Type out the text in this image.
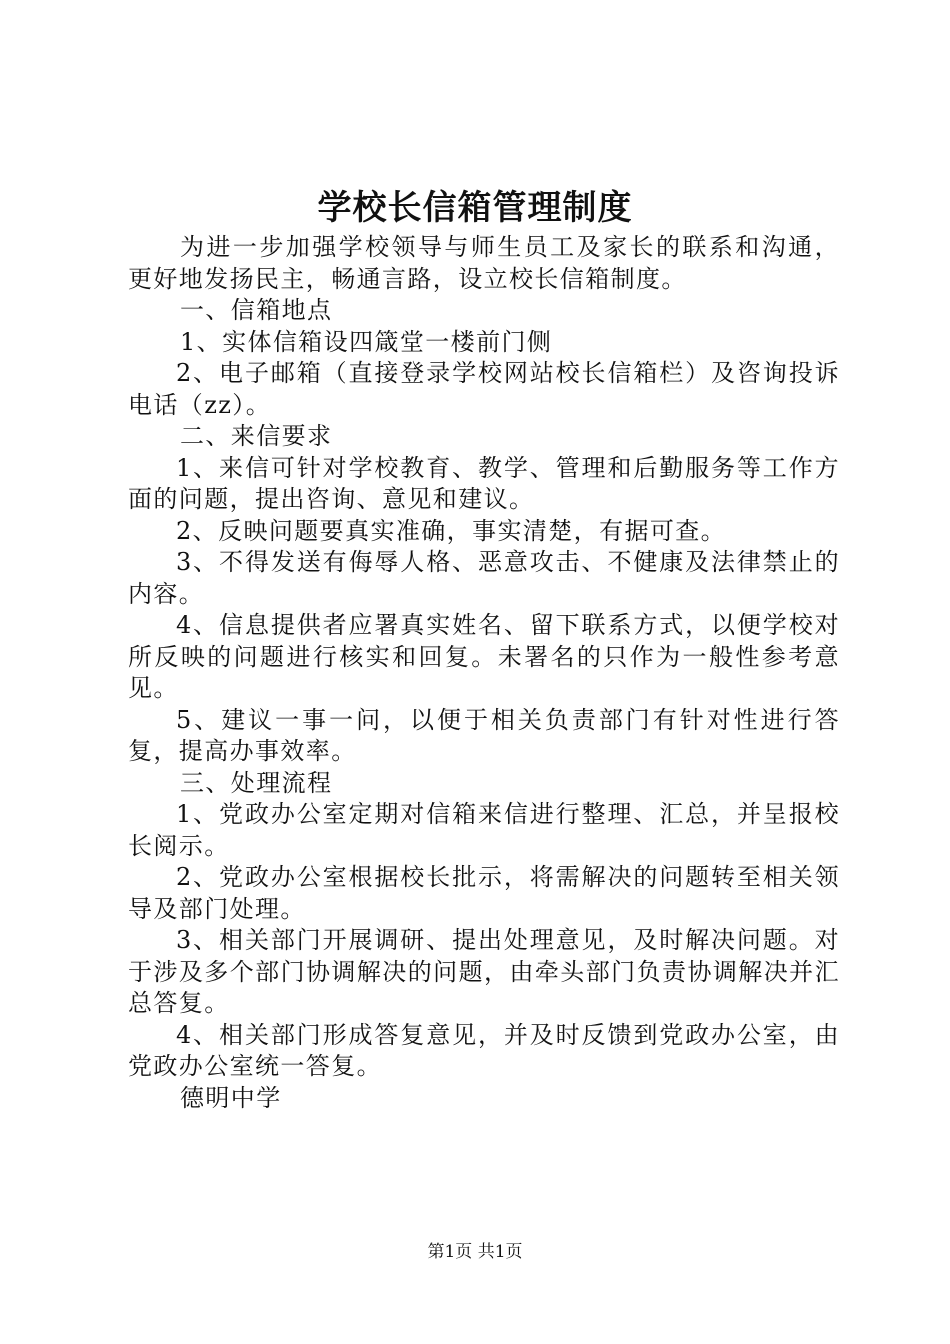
学校长信箱管理制度

为进一步加强学校领导与师生员工及家长的联系和沟通，更好地发扬民主，畅通言路，设立校长信箱制度。

一、信箱地点

1、实体信箱设四箴堂一楼前门侧

2、电子邮箱（直接登录学校网站校长信箱栏）及咨询投诉电话（zz）。

二、来信要求

1、来信可针对学校教育、教学、管理和后勤服务等工作方面的问题，提出咨询、意见和建议。

2、反映问题要真实准确，事实清楚，有据可查。

3、不得发送有侮辱人格、恶意攻击、不健康及法律禁止的内容。

4、信息提供者应署真实姓名、留下联系方式，以便学校对所反映的问题进行核实和回复。未署名的只作为一般性参考意见。

5、建议一事一问，以便于相关负责部门有针对性进行答复，提高办事效率。

三、处理流程

1、党政办公室定期对信箱来信进行整理、汇总，并呈报校长阅示。

2、党政办公室根据校长批示，将需解决的问题转至相关领导及部门处理。

3、相关部门开展调研、提出处理意见，及时解决问题。对于涉及多个部门协调解决的问题，由牵头部门负责协调解决并汇总答复。

4、相关部门形成答复意见，并及时反馈到党政办公室，由党政办公室统一答复。

德明中学

第1页 共1页
